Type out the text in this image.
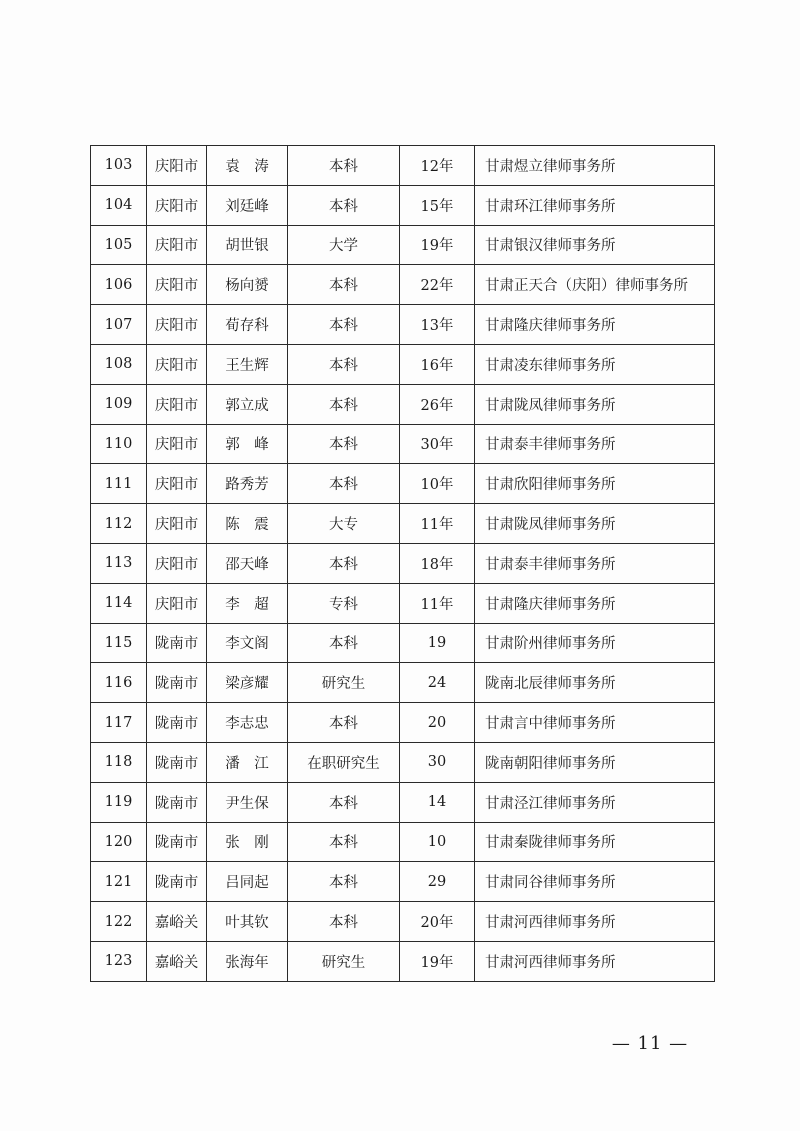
103	庆阳市	袁　涛	本科	12年	甘肃煜立律师事务所
104	庆阳市	刘廷峰	本科	15年	甘肃环江律师事务所
105	庆阳市	胡世银	大学	19年	甘肃银汉律师事务所
106	庆阳市	杨向赟	本科	22年	甘肃正天合（庆阳）律师事务所
107	庆阳市	荀存科	本科	13年	甘肃隆庆律师事务所
108	庆阳市	王生辉	本科	16年	甘肃凌东律师事务所
109	庆阳市	郭立成	本科	26年	甘肃陇凤律师事务所
110	庆阳市	郭　峰	本科	30年	甘肃泰丰律师事务所
111	庆阳市	路秀芳	本科	10年	甘肃欣阳律师事务所
112	庆阳市	陈　震	大专	11年	甘肃陇凤律师事务所
113	庆阳市	邵天峰	本科	18年	甘肃泰丰律师事务所
114	庆阳市	李　超	专科	11年	甘肃隆庆律师事务所
115	陇南市	李文阁	本科	19	甘肃阶州律师事务所
116	陇南市	梁彦耀	研究生	24	陇南北辰律师事务所
117	陇南市	李志忠	本科	20	甘肃言中律师事务所
118	陇南市	潘　江	在职研究生	30	陇南朝阳律师事务所
119	陇南市	尹生保	本科	14	甘肃泾江律师事务所
120	陇南市	张　刚	本科	10	甘肃秦陇律师事务所
121	陇南市	吕同起	本科	29	甘肃同谷律师事务所
122	嘉峪关	叶其钦	本科	20年	甘肃河西律师事务所
123	嘉峪关	张海年	研究生	19年	甘肃河西律师事务所
— 11 —
